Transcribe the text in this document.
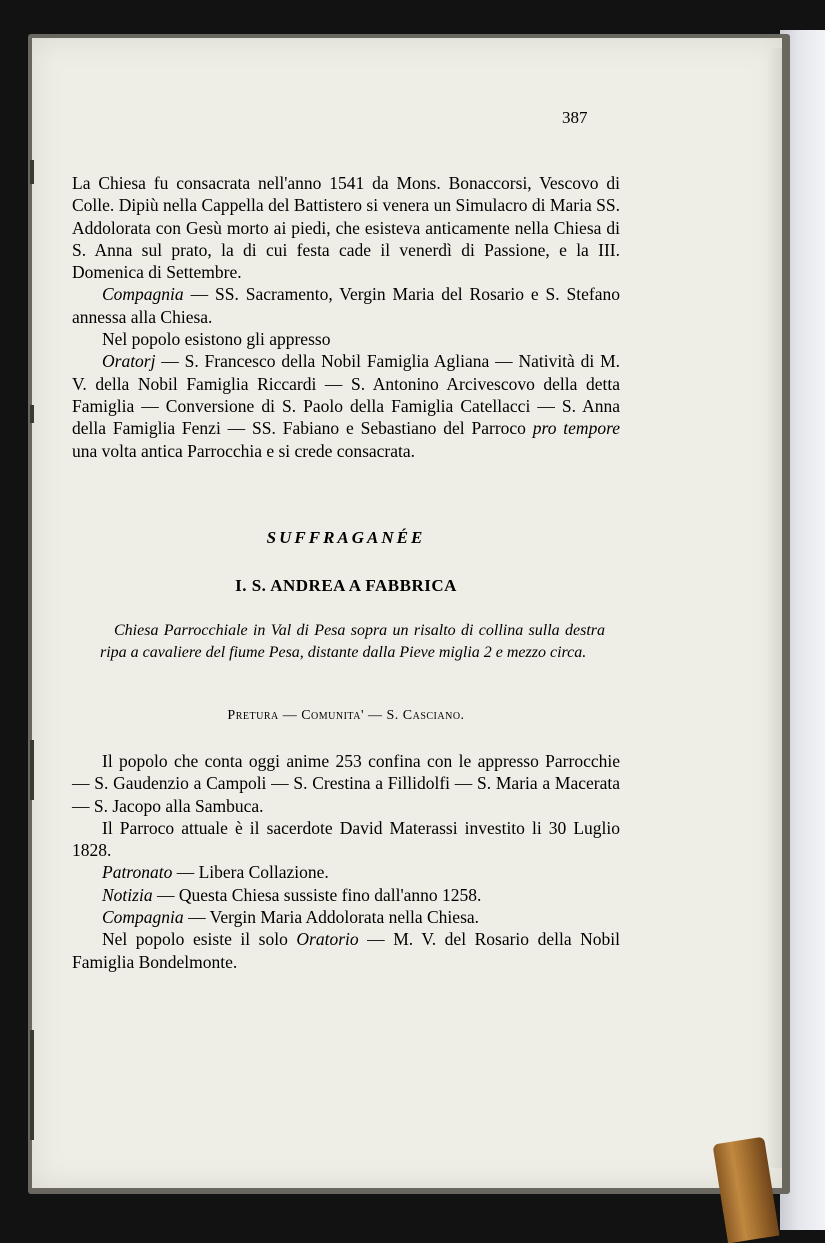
387

La Chiesa fu consacrata nell'anno 1541 da Mons. Bonaccorsi, Vescovo di Colle. Dipiù nella Cappella del Battistero si venera un Simulacro di Maria SS. Addolorata con Gesù morto ai piedi, che esisteva anticamente nella Chiesa di S. Anna sul prato, la di cui festa cade il venerdì di Passione, e la III. Domenica di Settembre.

Compagnia — SS. Sacramento, Vergin Maria del Rosario e S. Stefano annessa alla Chiesa.

Nel popolo esistono gli appresso

Oratorj — S. Francesco della Nobil Famiglia Agliana — Natività di M. V. della Nobil Famiglia Riccardi — S. Antonino Arcivescovo della detta Famiglia — Conversione di S. Paolo della Famiglia Catellacci — S. Anna della Famiglia Fenzi — SS. Fabiano e Sebastiano del Parroco pro tempore una volta antica Parrocchia e si crede consacrata.

SUFFRAGANÉE
I. S. ANDREA A FABBRICA
Chiesa Parrocchiale in Val di Pesa sopra un risalto di collina sulla destra ripa a cavaliere del fiume Pesa, distante dalla Pieve miglia 2 e mezzo circa.
Pretura — Comunita' — S. Casciano.

Il popolo che conta oggi anime 253 confina con le appresso Parrocchie — S. Gaudenzio a Campoli — S. Crestina a Fillidolfi — S. Maria a Macerata — S. Jacopo alla Sambuca.

Il Parroco attuale è il sacerdote David Materassi investito li 30 Luglio 1828.

Patronato — Libera Collazione.

Notizia — Questa Chiesa sussiste fino dall'anno 1258.

Compagnia — Vergin Maria Addolorata nella Chiesa.

Nel popolo esiste il solo Oratorio — M. V. del Rosario della Nobil Famiglia Bondelmonte.
